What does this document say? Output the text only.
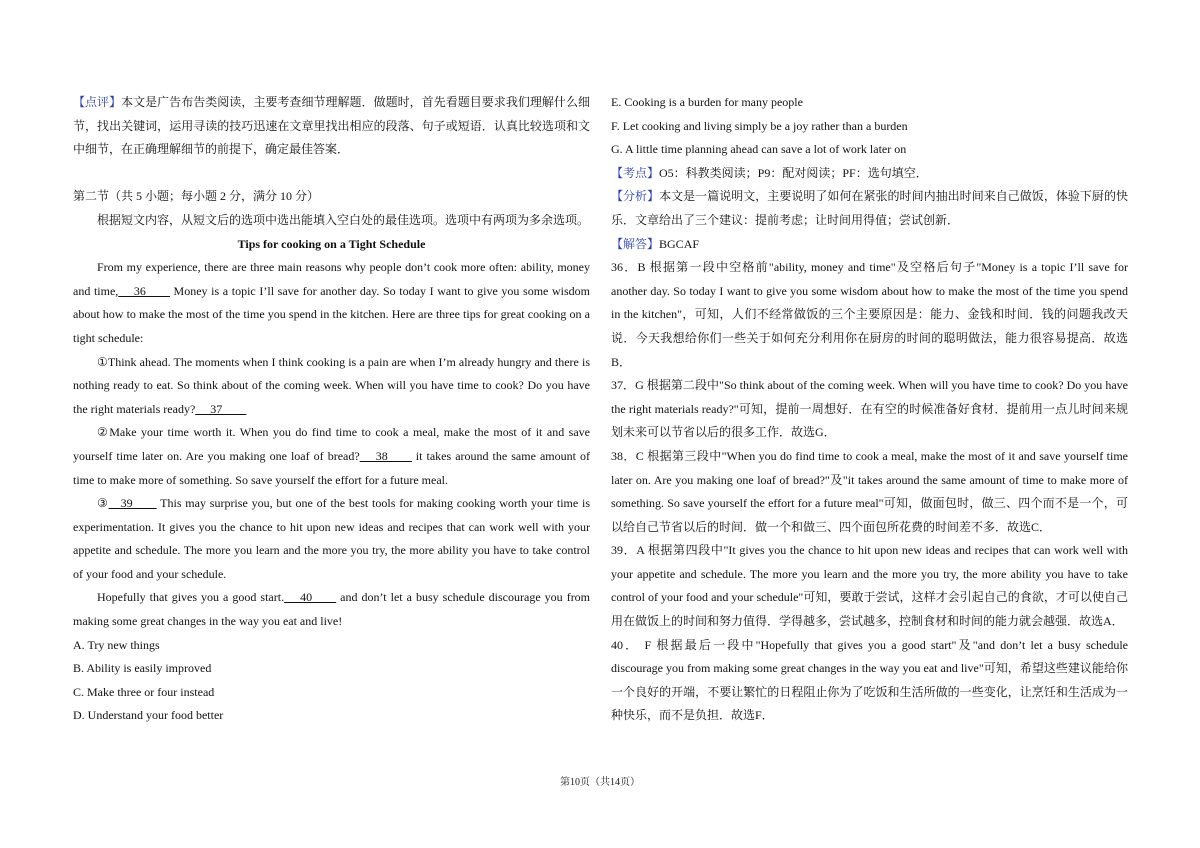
【点评】本文是广告布告类阅读，主要考查细节理解题．做题时，首先看题目要求我们理解什么细节，找出关键词，运用寻读的技巧迅速在文章里找出相应的段落、句子或短语．认真比较选项和文中细节，在正确理解细节的前提下，确定最佳答案．

第二节（共 5 小题；每小题 2 分，满分 10 分）

根据短文内容，从短文后的选项中选出能填入空白处的最佳选项。选项中有两项为多余选项。

Tips for cooking on a Tight Schedule

From my experience, there are three main reasons why people don’t cook more often: ability, money and time, __36____ Money is a topic I’ll save for another day. So today I want to give you some wisdom about how to make the most of the time you spend in the kitchen. Here are three tips for great cooking on a tight schedule:

①Think ahead. The moments when I think cooking is a pain are when I’m already hungry and there is nothing ready to eat. So think about of the coming week. When will you have time to cook? Do you have the right materials ready? __37____

②Make your time worth it. When you do find time to cook a meal, make the most of it and save yourself time later on. Are you making one loaf of bread? __38____ it takes around the same amount of time to make more of something. So save yourself the effort for a future meal.

③__39____ This may surprise you, but one of the best tools for making cooking worth your time is experimentation. It gives you the chance to hit upon new ideas and recipes that can work well with your appetite and schedule. The more you learn and the more you try, the more ability you have to take control of your food and your schedule.

Hopefully that gives you a good start. __40____ and don’t let a busy schedule discourage you from making some great changes in the way you eat and live!

A. Try new things

B. Ability is easily improved

C. Make three or four instead

D. Understand your food better

E. Cooking is a burden for many people

F. Let cooking and living simply be a joy rather than a burden

G. A little time planning ahead can save a lot of work later on

【考点】O5：科教类阅读；P9：配对阅读；PF：选句填空．

【分析】本文是一篇说明文，主要说明了如何在紧张的时间内抽出时间来自己做饭，体验下厨的快乐．文章给出了三个建议：提前考虑；让时间用得值；尝试创新．

【解答】BGCAF

36．B 根据第一段中空格前"ability, money and time"及空格后句子"Money is a topic I’ll save for another day. So today I want to give you some wisdom about how to make the most of the time you spend in the kitchen"，可知，人们不经常做饭的三个主要原因是：能力、金钱和时间．钱的问题我改天说．今天我想给你们一些关于如何充分利用你在厨房的时间的聪明做法，能力很容易提高．故选B．

37．G 根据第二段中"So think about of the coming week. When will you have time to cook? Do you have the right materials ready?"可知，提前一周想好．在有空的时候准备好食材．提前用一点儿时间来规划未来可以节省以后的很多工作．故选G．

38．C 根据第三段中"When you do find time to cook a meal, make the most of it and save yourself time later on. Are you making one loaf of bread?"及"it takes around the same amount of time to make more of something. So save yourself the effort for a future meal"可知，做面包时，做三、四个而不是一个，可以给自己节省以后的时间．做一个和做三、四个面包所花费的时间差不多．故选C．

39．A 根据第四段中"It gives you the chance to hit upon new ideas and recipes that can work well with your appetite and schedule. The more you learn and the more you try, the more ability you have to take control of your food and your schedule"可知，要敢于尝试，这样才会引起自己的食欲，才可以使自己用在做饭上的时间和努力值得．学得越多，尝试越多，控制食材和时间的能力就会越强．故选A．

40． F 根据最后一段中"Hopefully that gives you a good start"及"and don’t let a busy schedule discourage you from making some great changes in the way you eat and live"可知，希望这些建议能给你一个良好的开端，不要让繁忙的日程阻止你为了吃饭和生活所做的一些变化，让烹饪和生活成为一种快乐，而不是负担．故选F．

第10页（共14页）
